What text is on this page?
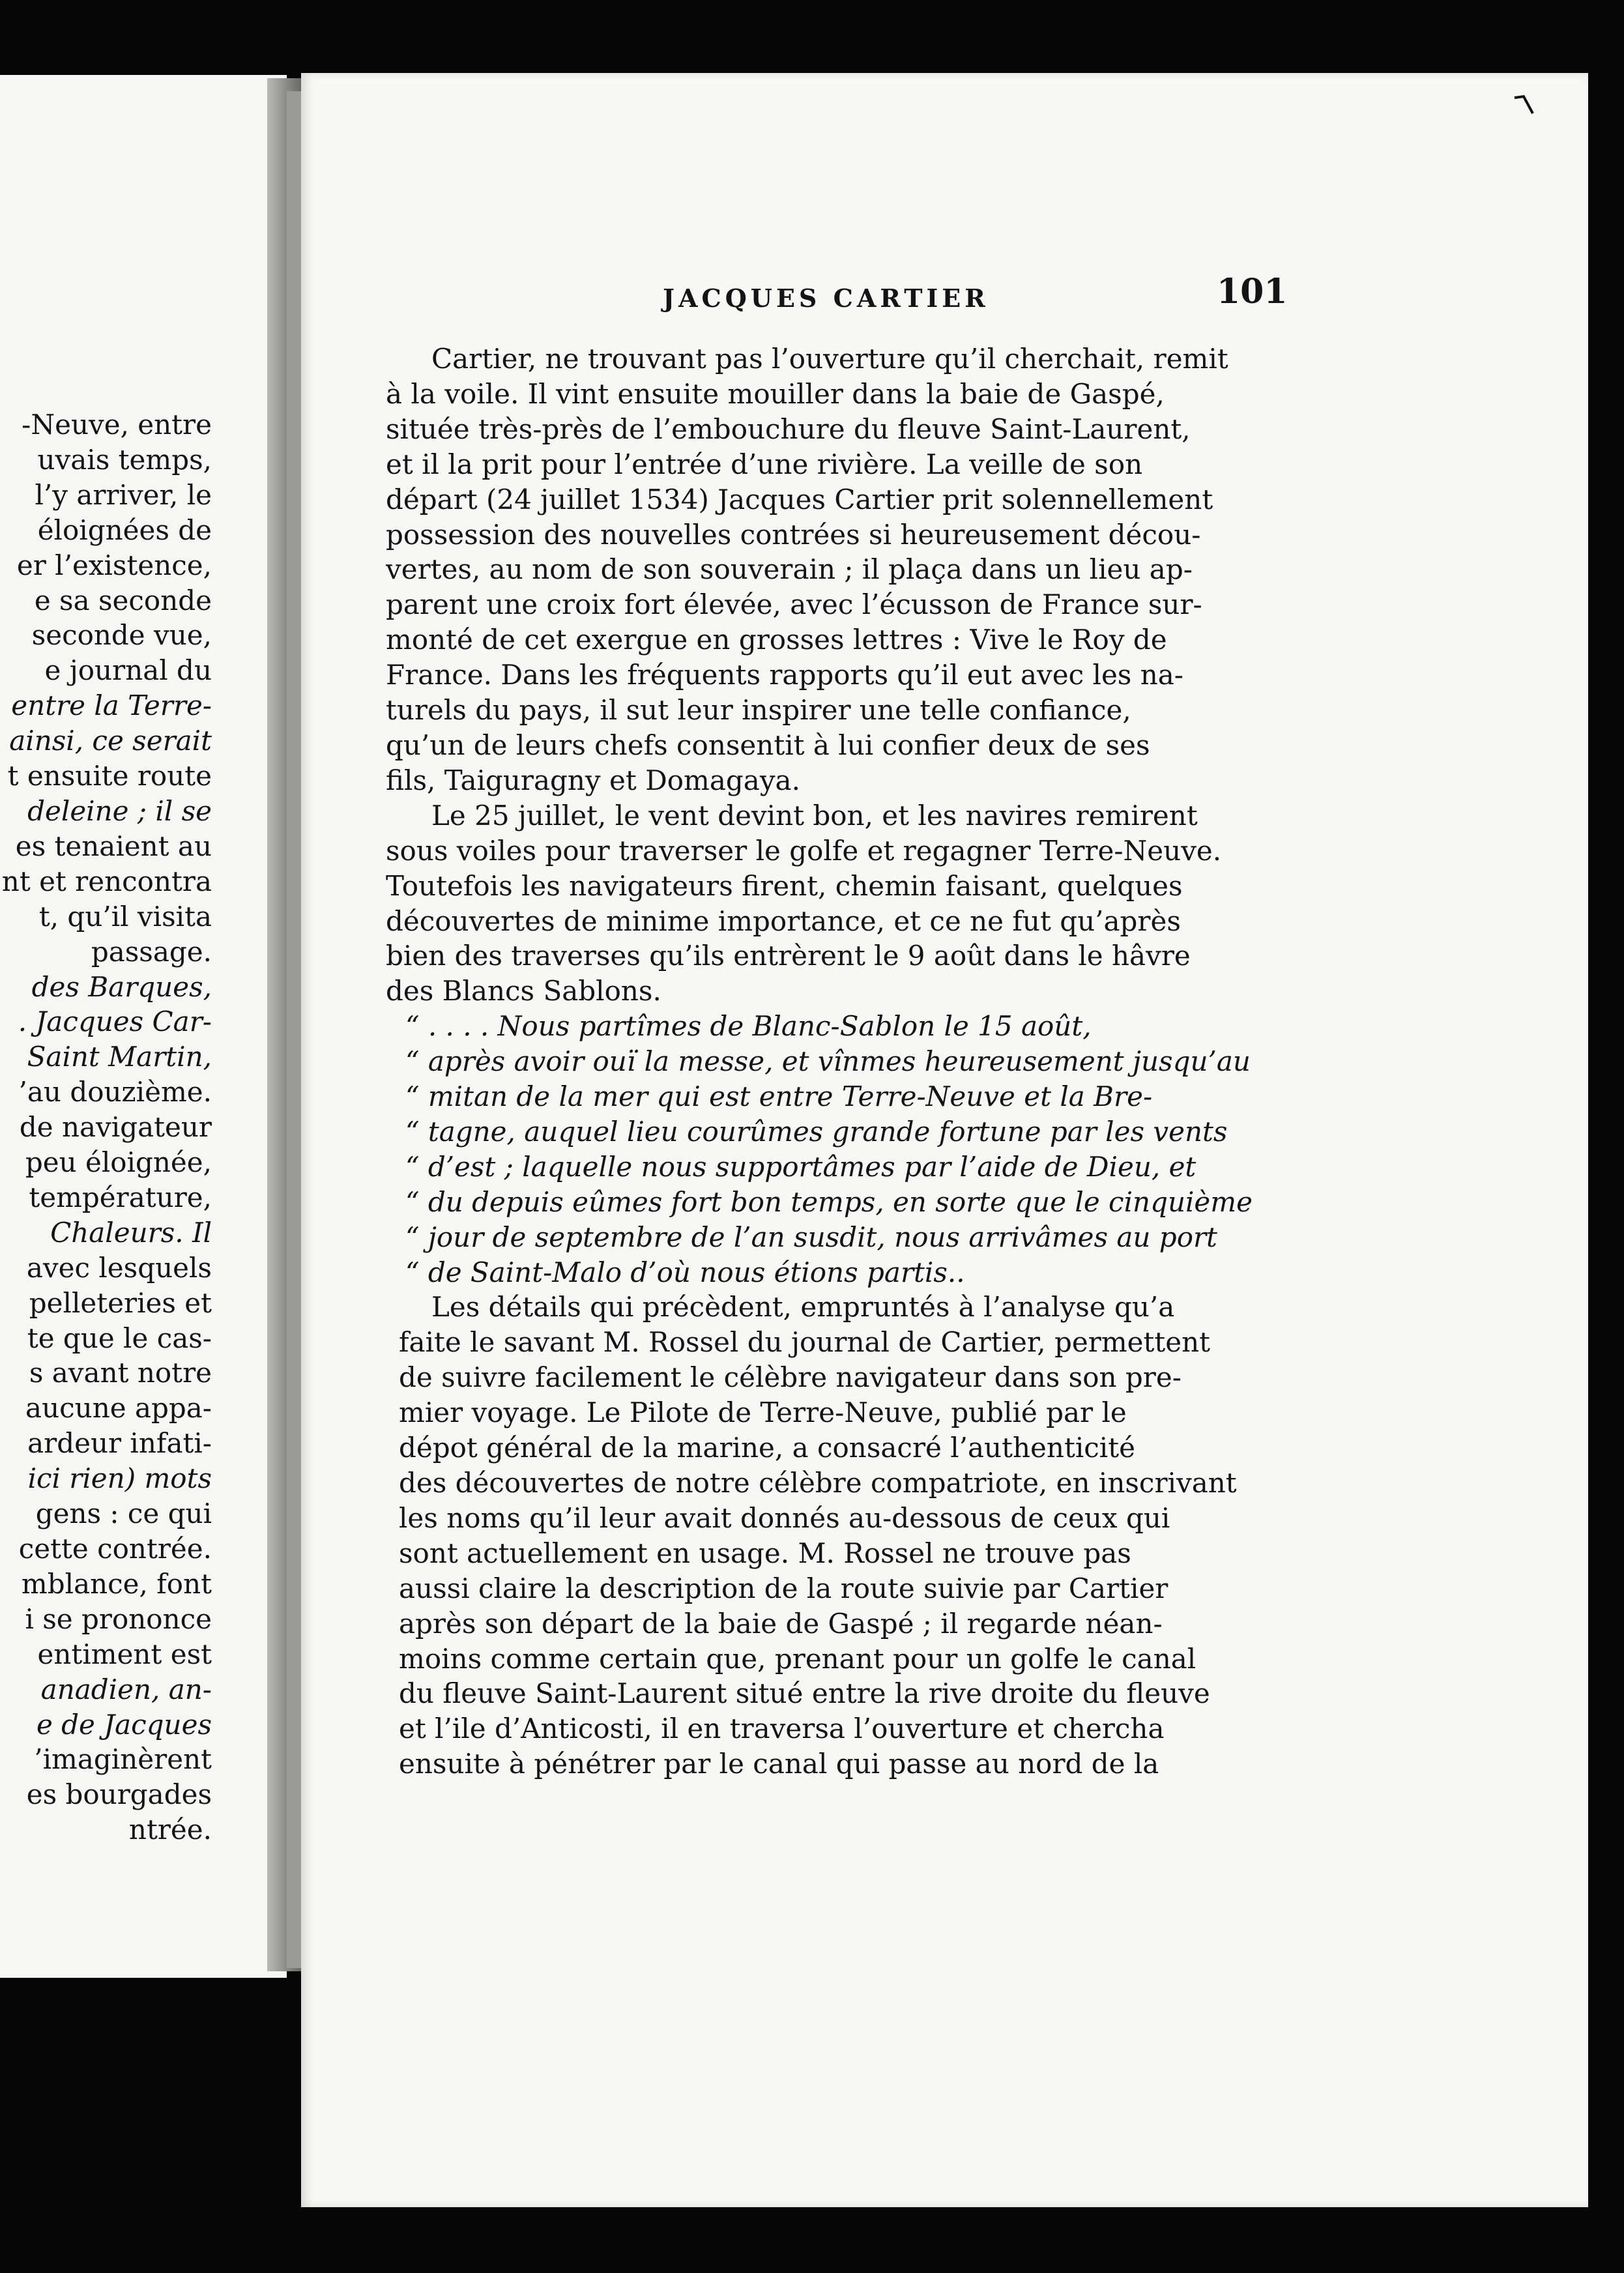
-Neuve, entre
uvais temps,
l’y arriver, le
éloignées de
er l’existence,
e sa seconde
seconde vue,
e journal du
entre la Terre-
ainsi, ce serait
t ensuite route
deleine ; il se
es tenaient au
nt et rencontra
t, qu’il visita
passage.
des Barques,
. Jacques Car-
Saint Martin,
’au douzième.
de navigateur
peu éloignée,
température,
Chaleurs. Il
avec lesquels
pelleteries et
te que le cas-
s avant notre
aucune appa-
ardeur infati-
ici rien) mots
gens : ce qui
cette contrée.
mblance, font
i se prononce
entiment est
anadien, an-
e de Jacques
’imaginèrent
es bourgades
ntrée.
JACQUES CARTIER	101
Cartier, ne trouvant pas l’ouverture qu’il cherchait, remit
à la voile. Il vint ensuite mouiller dans la baie de Gaspé,
située très-près de l’embouchure du fleuve Saint-Laurent,
et il la prit pour l’entrée d’une rivière. La veille de son
départ (24 juillet 1534) Jacques Cartier prit solennellement
possession des nouvelles contrées si heureusement décou-
vertes, au nom de son souverain ; il plaça dans un lieu ap-
parent une croix fort élevée, avec l’écusson de France sur-
monté de cet exergue en grosses lettres : Vive le Roy de
France. Dans les fréquents rapports qu’il eut avec les na-
turels du pays, il sut leur inspirer une telle confiance,
qu’un de leurs chefs consentit à lui confier deux de ses
fils, Taiguragny et Domagaya.
Le 25 juillet, le vent devint bon, et les navires remirent
sous voiles pour traverser le golfe et regagner Terre-Neuve.
Toutefois les navigateurs firent, chemin faisant, quelques
découvertes de minime importance, et ce ne fut qu’après
bien des traverses qu’ils entrèrent le 9 août dans le hâvre
des Blancs Sablons.
“ . . . . Nous partîmes de Blanc-Sablon le 15 août,
“ après avoir ouï la messe, et vînmes heureusement jusqu’au
“ mitan de la mer qui est entre Terre-Neuve et la Bre-
“ tagne, auquel lieu courûmes grande fortune par les vents
“ d’est ; laquelle nous supportâmes par l’aide de Dieu, et
“ du depuis eûmes fort bon temps, en sorte que le cinquième
“ jour de septembre de l’an susdit, nous arrivâmes au port
“ de Saint-Malo d’où nous étions partis..
Les détails qui précèdent, empruntés à l’analyse qu’a
faite le savant M. Rossel du journal de Cartier, permettent
de suivre facilement le célèbre navigateur dans son pre-
mier voyage. Le Pilote de Terre-Neuve, publié par le
dépot général de la marine, a consacré l’authenticité
des découvertes de notre célèbre compatriote, en inscrivant
les noms qu’il leur avait donnés au-dessous de ceux qui
sont actuellement en usage. M. Rossel ne trouve pas
aussi claire la description de la route suivie par Cartier
après son départ de la baie de Gaspé ; il regarde néan-
moins comme certain que, prenant pour un golfe le canal
du fleuve Saint-Laurent situé entre la rive droite du fleuve
et l’ile d’Anticosti, il en traversa l’ouverture et chercha
ensuite à pénétrer par le canal qui passe au nord de la
